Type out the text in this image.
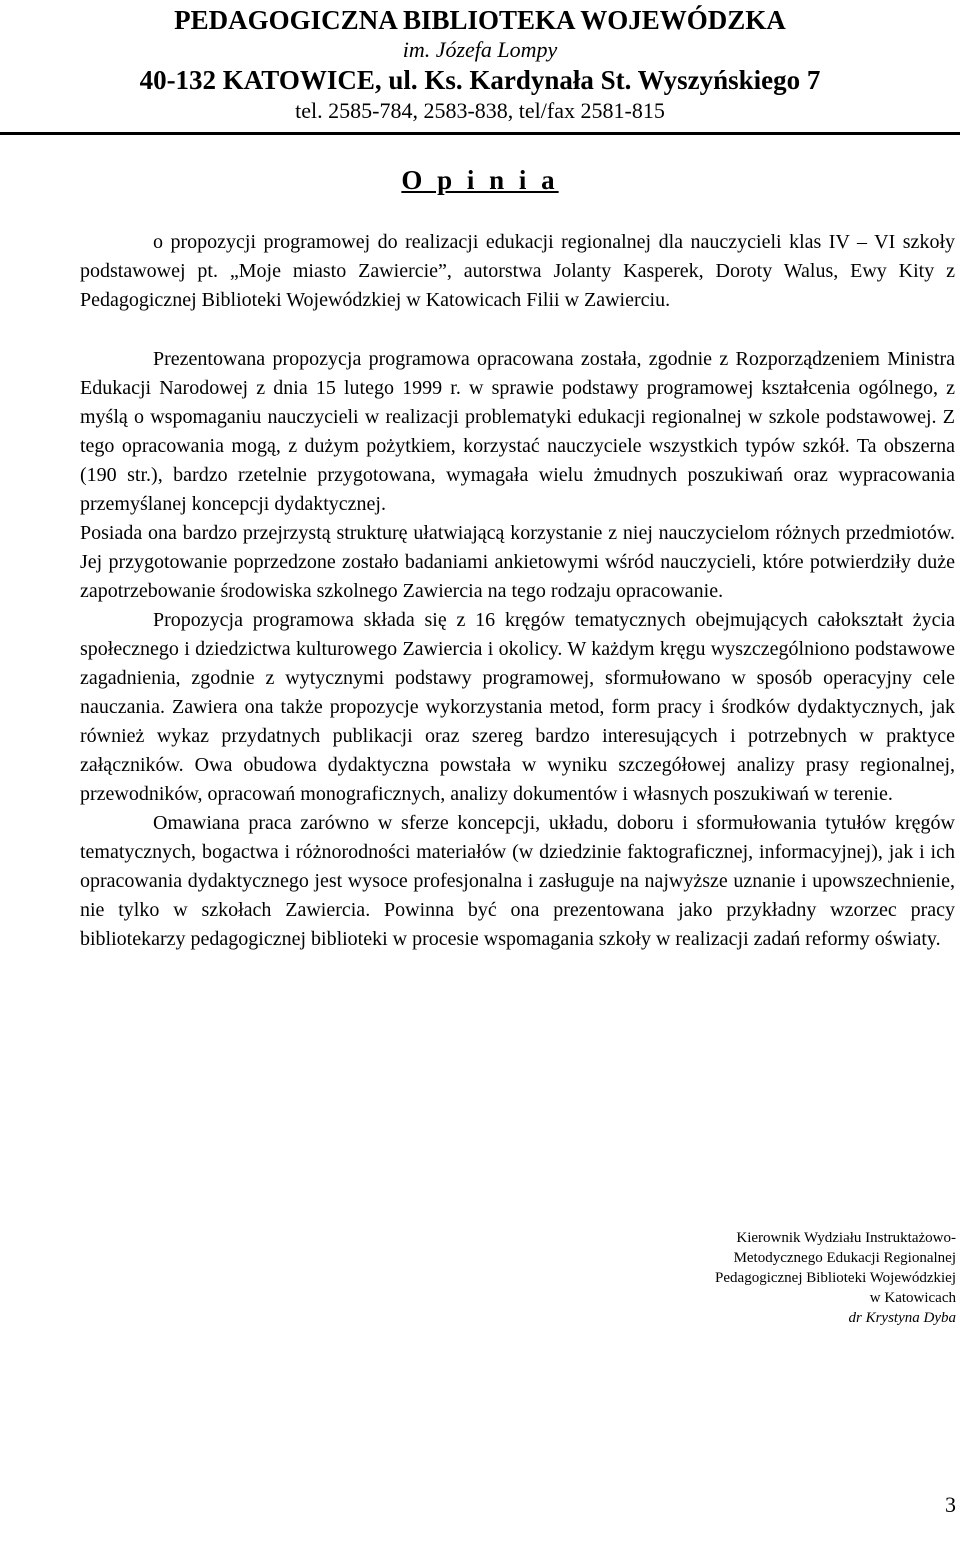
PEDAGOGICZNA BIBLIOTEKA WOJEWÓDZKA
im. Józefa Lompy
40-132 KATOWICE, ul. Ks. Kardynała St. Wyszyńskiego 7
tel. 2585-784, 2583-838, tel/fax 2581-815
O p i n i a

o propozycji programowej do realizacji edukacji regionalnej dla nauczycieli klas IV – VI szkoły podstawowej pt. „Moje miasto Zawiercie”, autorstwa Jolanty Kasperek, Doroty Walus, Ewy Kity z Pedagogicznej Biblioteki Wojewódzkiej w Katowicach Filii w Zawierciu.

Prezentowana propozycja programowa opracowana została, zgodnie z Rozporządzeniem Ministra Edukacji Narodowej z dnia 15 lutego 1999 r. w sprawie podstawy programowej kształcenia ogólnego, z myślą o wspomaganiu nauczycieli w realizacji problematyki edukacji regionalnej w szkole podstawowej. Z tego opracowania mogą, z dużym pożytkiem, korzystać nauczyciele wszystkich typów szkół. Ta obszerna (190 str.), bardzo rzetelnie przygotowana, wymagała wielu żmudnych poszukiwań oraz wypracowania przemyślanej koncepcji dydaktycznej.

Posiada ona bardzo przejrzystą strukturę ułatwiającą korzystanie z niej nauczycielom różnych przedmiotów. Jej przygotowanie poprzedzone zostało badaniami ankietowymi wśród nauczycieli, które potwierdziły duże zapotrzebowanie środowiska szkolnego Zawiercia na tego rodzaju opracowanie.

Propozycja programowa składa się z 16 kręgów tematycznych obejmujących całokształt życia społecznego i dziedzictwa kulturowego Zawiercia i okolicy. W każdym kręgu wyszczególniono podstawowe zagadnienia, zgodnie z wytycznymi podstawy programowej, sformułowano w sposób operacyjny cele nauczania. Zawiera ona także propozycje wykorzystania metod, form pracy i środków dydaktycznych, jak również wykaz przydatnych publikacji oraz szereg bardzo interesujących i potrzebnych w praktyce załączników. Owa obudowa dydaktyczna powstała w wyniku szczegółowej analizy prasy regionalnej, przewodników, opracowań monograficznych, analizy dokumentów i własnych poszukiwań w terenie.

Omawiana praca zarówno w sferze koncepcji, układu, doboru i sformułowania tytułów kręgów tematycznych, bogactwa i różnorodności materiałów (w dziedzinie faktograficznej, informacyjnej), jak i ich opracowania dydaktycznego jest wysoce profesjonalna i zasługuje na najwyższe uznanie i upowszechnienie, nie tylko w szkołach Zawiercia. Powinna być ona prezentowana jako przykładny wzorzec pracy bibliotekarzy pedagogicznej biblioteki w procesie wspomagania szkoły w realizacji zadań reformy oświaty.

Kierownik Wydziału Instruktażowo-
Metodycznego Edukacji Regionalnej
Pedagogicznej Biblioteki Wojewódzkiej
w Katowicach
dr Krystyna Dyba
3
